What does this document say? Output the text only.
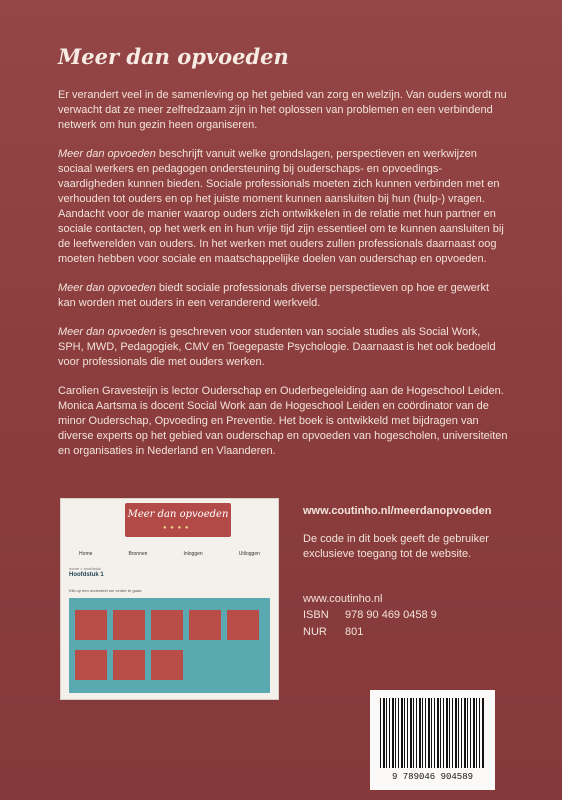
Meer dan opvoeden

Er verandert veel in de samenleving op het gebied van zorg en welzijn. Van ouders wordt nu verwacht dat ze meer zelfredzaam zijn in het oplossen van problemen en een verbindend netwerk om hun gezin heen organiseren.

Meer dan opvoeden beschrijft vanuit welke grondslagen, perspectieven en werkwijzen sociaal werkers en pedagogen ondersteuning bij ouderschaps- en opvoedings-vaardigheden kunnen bieden. Sociale professionals moeten zich kunnen verbinden met en verhouden tot ouders en op het juiste moment kunnen aansluiten bij hun (hulp-) vragen. Aandacht voor de manier waarop ouders zich ontwikkelen in de relatie met hun partner en sociale contacten, op het werk en in hun vrije tijd zijn essentieel om te kunnen aansluiten bij de leefwerelden van ouders. In het werken met ouders zullen professionals daarnaast oog moeten hebben voor sociale en maatschappelijke doelen van ouderschap en opvoeden.

Meer dan opvoeden biedt sociale professionals diverse perspectieven op hoe er gewerkt kan worden met ouders in een veranderend werkveld.

Meer dan opvoeden is geschreven voor studenten van sociale studies als Social Work, SPH, MWD, Pedagogiek, CMV en Toegepaste Psychologie. Daarnaast is het ook bedoeld voor professionals die met ouders werken.

Carolien Gravesteijn is lector Ouderschap en Ouderbegeleiding aan de Hogeschool Leiden. Monica Aartsma is docent Social Work aan de Hogeschool Leiden en coördinator van de minor Ouderschap, Opvoeding en Preventie. Het boek is ontwikkeld met bijdragen van diverse experts op het gebied van ouderschap en opvoeden van hogescholen, universiteiten en organisaties in Nederland en Vlaanderen.

Meer dan opvoeden
● ● ● ●
Home	Bronnen	Inloggen	Uitloggen
home > hoofdstuk
Hoofdstuk 1
Klik op een onderdeel om verder te gaan:
www.coutinho.nl/meerdanopvoeden
De code in dit boek geeft de gebruiker exclusieve toegang tot de website.
www.coutinho.nl
ISBN 978 90 469 0458 9
NUR 801
9 789046 904589
